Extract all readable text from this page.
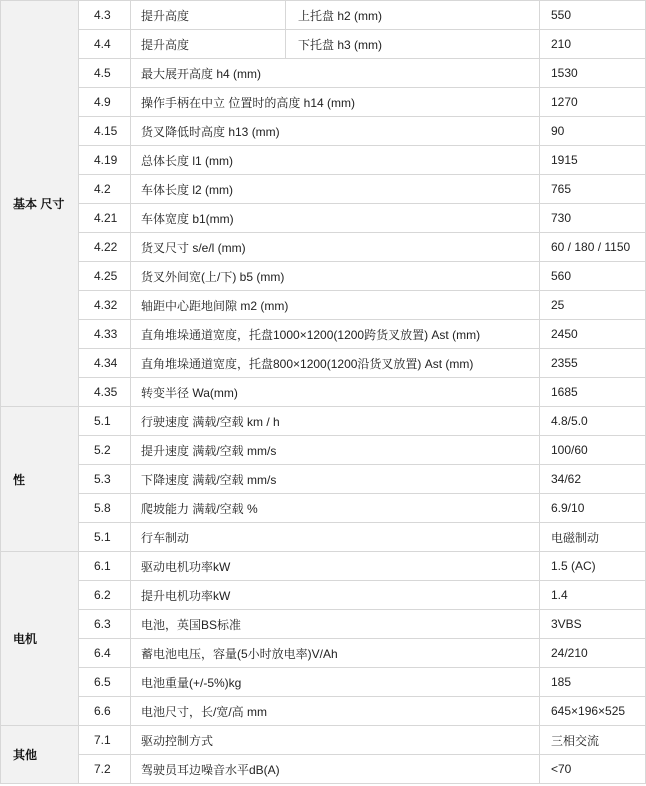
基本 尺寸	4.3	提升高度	上托盘 h2 (mm)	550
	4.4	提升高度	下托盘 h3 (mm)	210
	4.5	最大展开高度 h4 (mm)		1530
	4.9	操作手柄在中立 位置时的高度 h14 (mm)		1270
	4.15	货叉降低时高度 h13 (mm)		90
	4.19	总体长度 l1 (mm)		1915
	4.2	车体长度 l2 (mm)		765
	4.21	车体宽度 b1(mm)		730
	4.22	货叉尺寸 s/e/l (mm)		60 / 180 / 1150
	4.25	货叉外间宽(上/下) b5 (mm)		560
	4.32	轴距中心距地间隙 m2 (mm)		25
	4.33	直角堆垛通道宽度，托盘1000×1200(1200跨货叉放置) Ast (mm)		2450
	4.34	直角堆垛通道宽度，托盘800×1200(1200沿货叉放置) Ast (mm)		2355
	4.35	转变半径 Wa(mm)		1685
性	5.1	行驶速度 满载/空载 km / h		4.8/5.0
	5.2	提升速度 满载/空载 mm/s		100/60
	5.3	下降速度 满载/空载 mm/s		34/62
	5.8	爬坡能力 满载/空载 %		6.9/10
	5.1	行车制动		电磁制动
电机	6.1	驱动电机功率kW		1.5 (AC)
	6.2	提升电机功率kW		1.4
	6.3	电池，英国BS标准		3VBS
	6.4	蓄电池电压，容量(5小时放电率)V/Ah		24/210
	6.5	电池重量(+/-5%)kg		185
	6.6	电池尺寸，长/宽/高 mm		645×196×525
其他	7.1	驱动控制方式		三相交流
	7.2	驾驶员耳边噪音水平dB(A)		<70
